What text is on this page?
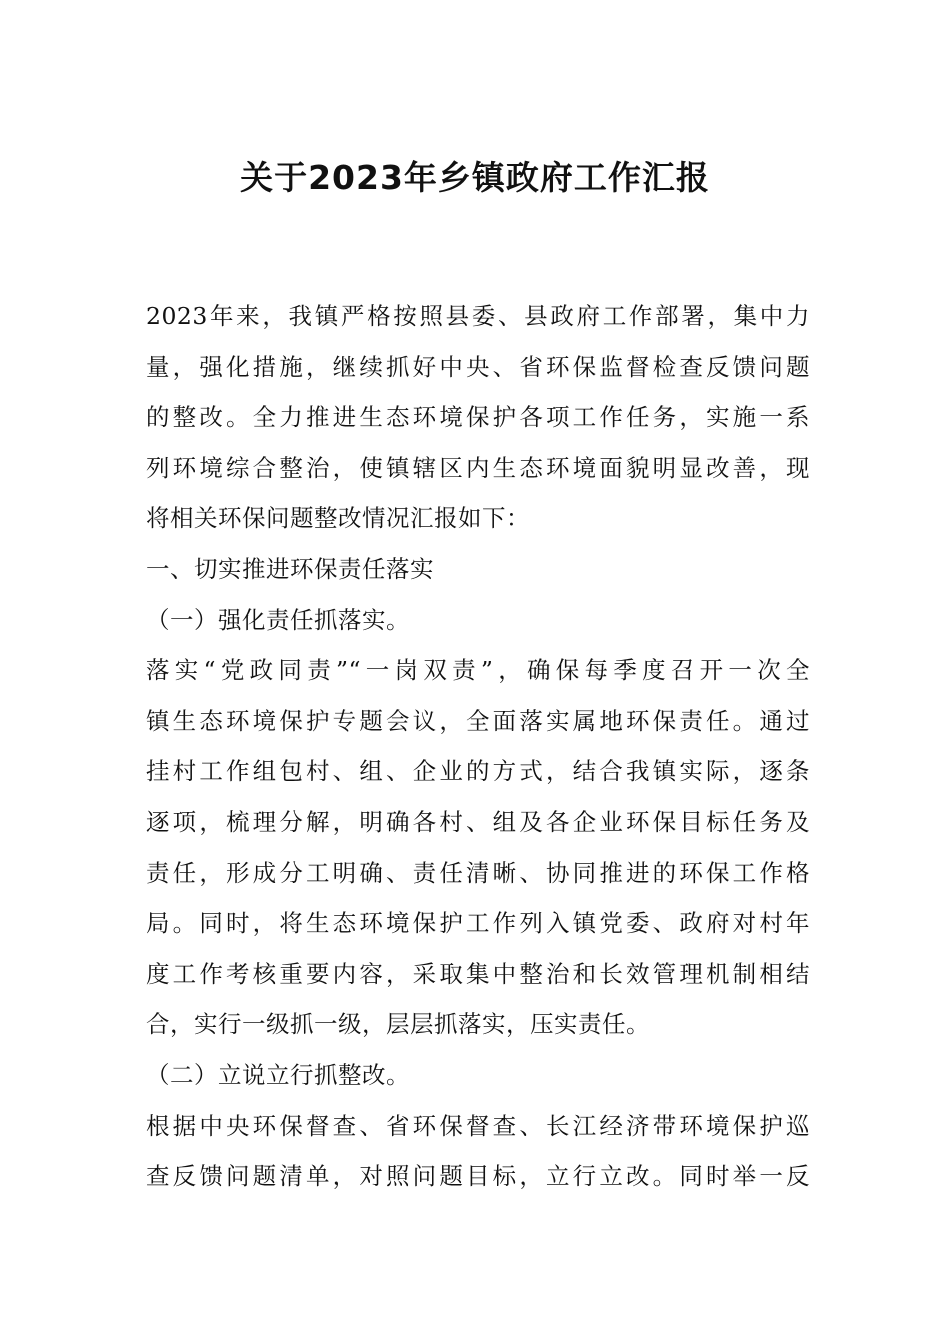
关于2023年乡镇政府工作汇报
2023年来，我镇严格按照县委、县政府工作部署，集中力
量，强化措施，继续抓好中央、省环保监督检查反馈问题
的整改。全力推进生态环境保护各项工作任务，实施一系
列环境综合整治，使镇辖区内生态环境面貌明显改善，现
将相关环保问题整改情况汇报如下：
一、切实推进环保责任落实
（一）强化责任抓落实。
落实“党政同责”“一岗双责”，确保每季度召开一次全
镇生态环境保护专题会议，全面落实属地环保责任。通过
挂村工作组包村、组、企业的方式，结合我镇实际，逐条
逐项，梳理分解，明确各村、组及各企业环保目标任务及
责任，形成分工明确、责任清晰、协同推进的环保工作格
局。同时，将生态环境保护工作列入镇党委、政府对村年
度工作考核重要内容，采取集中整治和长效管理机制相结
合，实行一级抓一级，层层抓落实，压实责任。
（二）立说立行抓整改。
根据中央环保督查、省环保督查、长江经济带环境保护巡
查反馈问题清单，对照问题目标，立行立改。同时举一反
